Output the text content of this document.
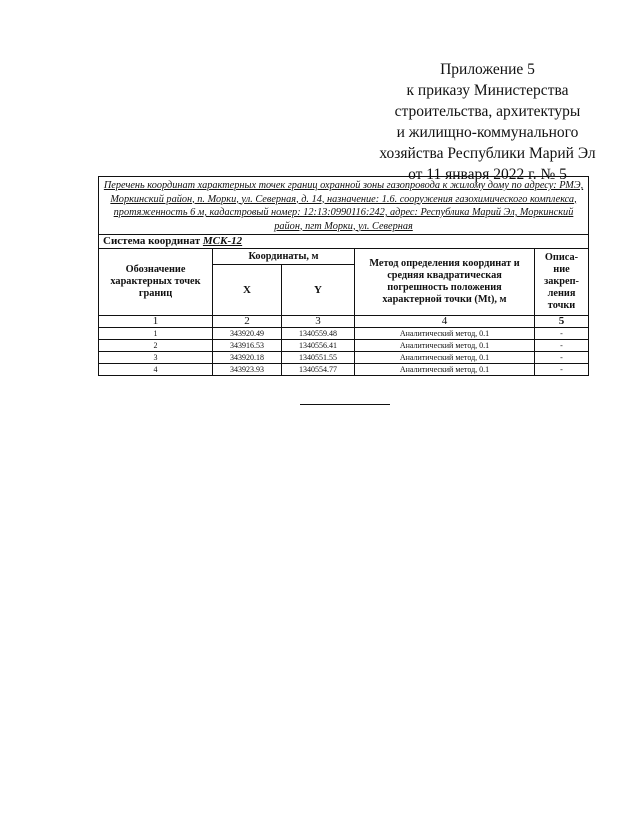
Приложение 5
к приказу Министерства
строительства, архитектуры
и жилищно-коммунального
хозяйства Республики Марий Эл
от 11 января 2022 г. № 5
Перечень координат характерных точек границ охранной зоны газопровода к жилому дому по адресу: РМЭ, Моркинский район, п. Морки, ул. Северная, д. 14, назначение: 1.6. сооружения газохимического комплекса, протяженность 6 м, кадастровый номер: 12:13:0990116:242, адрес: Республика Марий Эл, Моркинский район, пгт Морки, ул. Северная				
Система координат МСК-12				
Обозначение характерных точек границ	Координаты, м		Метод определения координат и средняя квадратическая погрешность положения характерной точки (Mt), м	Описа-ние закреп-ления точки
	X	Y		
1	2	3	4	5
1	343920.49	1340559.48	Аналитический метод, 0.1	-
2	343916.53	1340556.41	Аналитический метод, 0.1	-
3	343920.18	1340551.55	Аналитический метод, 0.1	-
4	343923.93	1340554.77	Аналитический метод, 0.1	-
